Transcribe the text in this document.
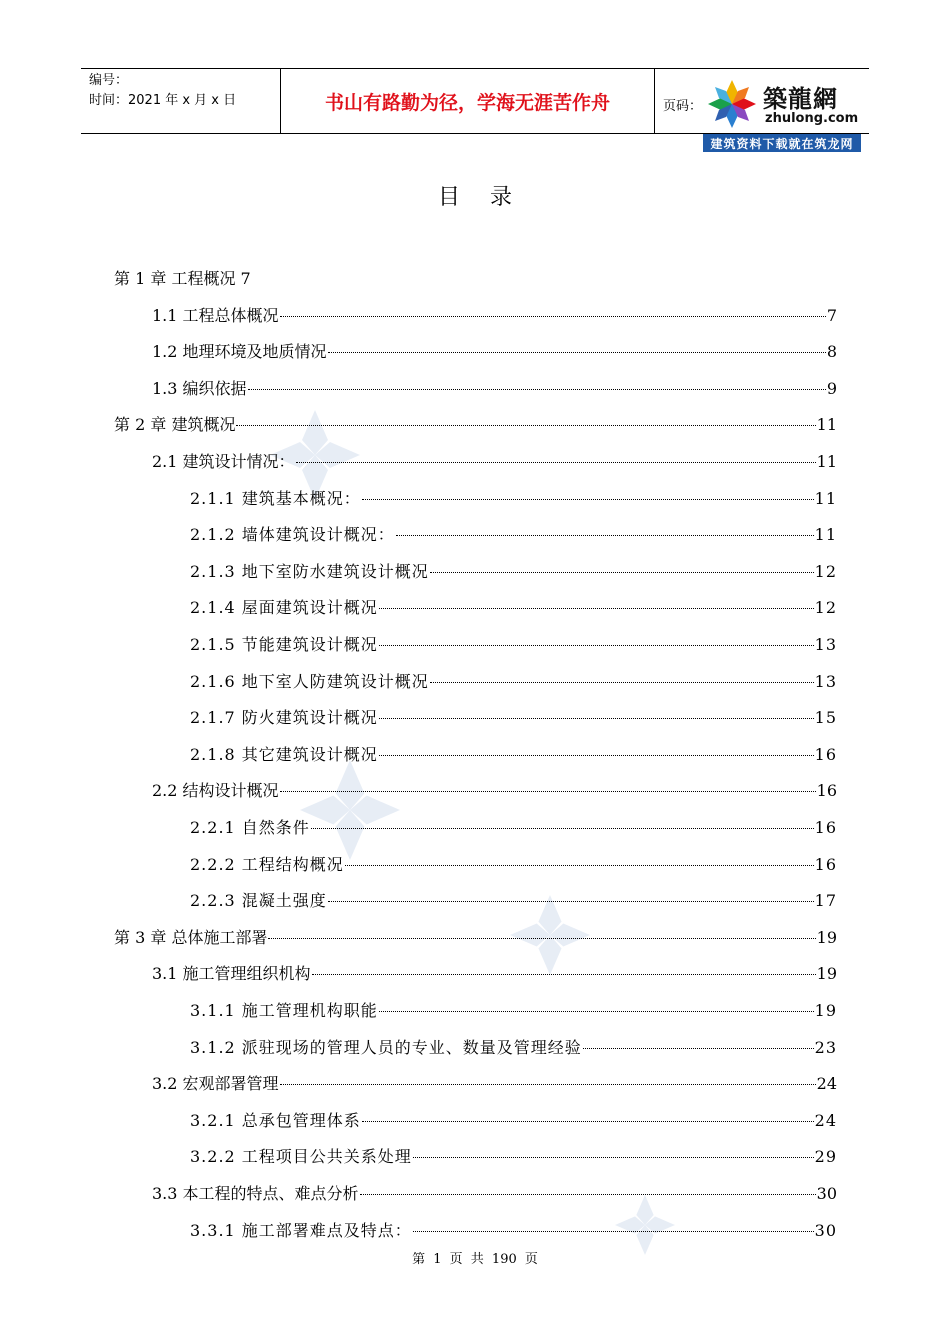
编号：
时间：2021 年 x 月 x 日	书山有路勤为径，学海无涯苦作舟	页码：	築龍網
zhulong.com
建筑资料下载就在筑龙网
目录
第 1 章 工程概况 7
1.1 工程总体概况	7
1.2 地理环境及地质情况	8
1.3 编织依据	9
第 2 章 建筑概况	11
2.1 建筑设计情况：	11
2.1.1 建筑基本概况：	11
2.1.2 墙体建筑设计概况：	11
2.1.3 地下室防水建筑设计概况	12
2.1.4 屋面建筑设计概况	12
2.1.5 节能建筑设计概况	13
2.1.6 地下室人防建筑设计概况	13
2.1.7 防火建筑设计概况	15
2.1.8 其它建筑设计概况	16
2.2 结构设计概况	16
2.2.1 自然条件	16
2.2.2 工程结构概况	16
2.2.3 混凝土强度	17
第 3 章 总体施工部署	19
3.1 施工管理组织机构	19
3.1.1 施工管理机构职能	19
3.1.2 派驻现场的管理人员的专业、数量及管理经验	23
3.2 宏观部署管理	24
3.2.1 总承包管理体系	24
3.2.2 工程项目公共关系处理	29
3.3 本工程的特点、难点分析	30
3.3.1 施工部署难点及特点：	30
第 1 页 共 190 页
